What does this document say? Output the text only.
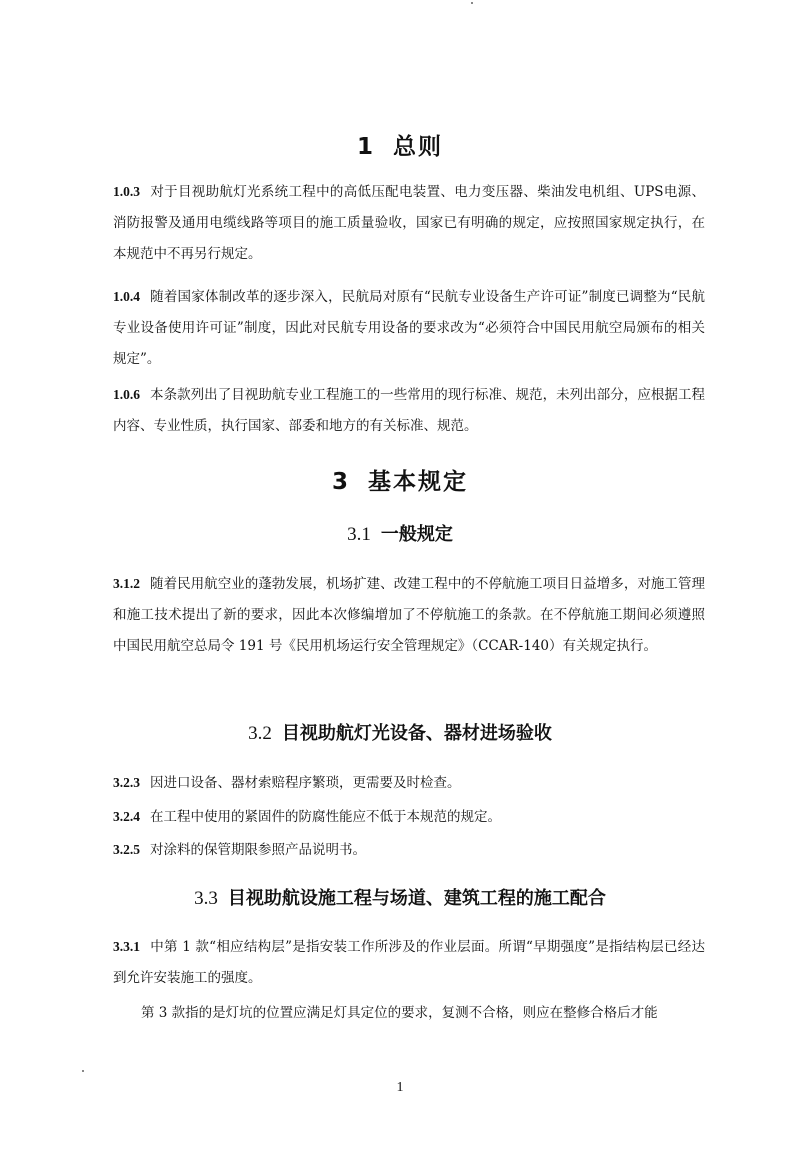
1 总则
1.0.3 对于目视助航灯光系统工程中的高低压配电装置、电力变压器、柴油发电机组、UPS电源、消防报警及通用电缆线路等项目的施工质量验收，国家已有明确的规定，应按照国家规定执行，在本规范中不再另行规定。
1.0.4 随着国家体制改革的逐步深入，民航局对原有“民航专业设备生产许可证”制度已调整为“民航专业设备使用许可证”制度，因此对民航专用设备的要求改为“必须符合中国民用航空局颁布的相关规定”。
1.0.6 本条款列出了目视助航专业工程施工的一些常用的现行标准、规范，未列出部分，应根据工程内容、专业性质，执行国家、部委和地方的有关标准、规范。
3 基本规定
3.1 一般规定
3.1.2 随着民用航空业的蓬勃发展，机场扩建、改建工程中的不停航施工项目日益增多，对施工管理和施工技术提出了新的要求，因此本次修编增加了不停航施工的条款。在不停航施工期间必须遵照中国民用航空总局令 191 号《民用机场运行安全管理规定》（CCAR-140）有关规定执行。
3.2 目视助航灯光设备、器材进场验收
3.2.3 因进口设备、器材索赔程序繁琐，更需要及时检查。
3.2.4 在工程中使用的紧固件的防腐性能应不低于本规范的规定。
3.2.5 对涂料的保管期限参照产品说明书。
3.3 目视助航设施工程与场道、建筑工程的施工配合
3.3.1 中第 1 款“相应结构层”是指安装工作所涉及的作业层面。所谓“早期强度”是指结构层已经达到允许安装施工的强度。
第 3 款指的是灯坑的位置应满足灯具定位的要求，复测不合格，则应在整修合格后才能
1
